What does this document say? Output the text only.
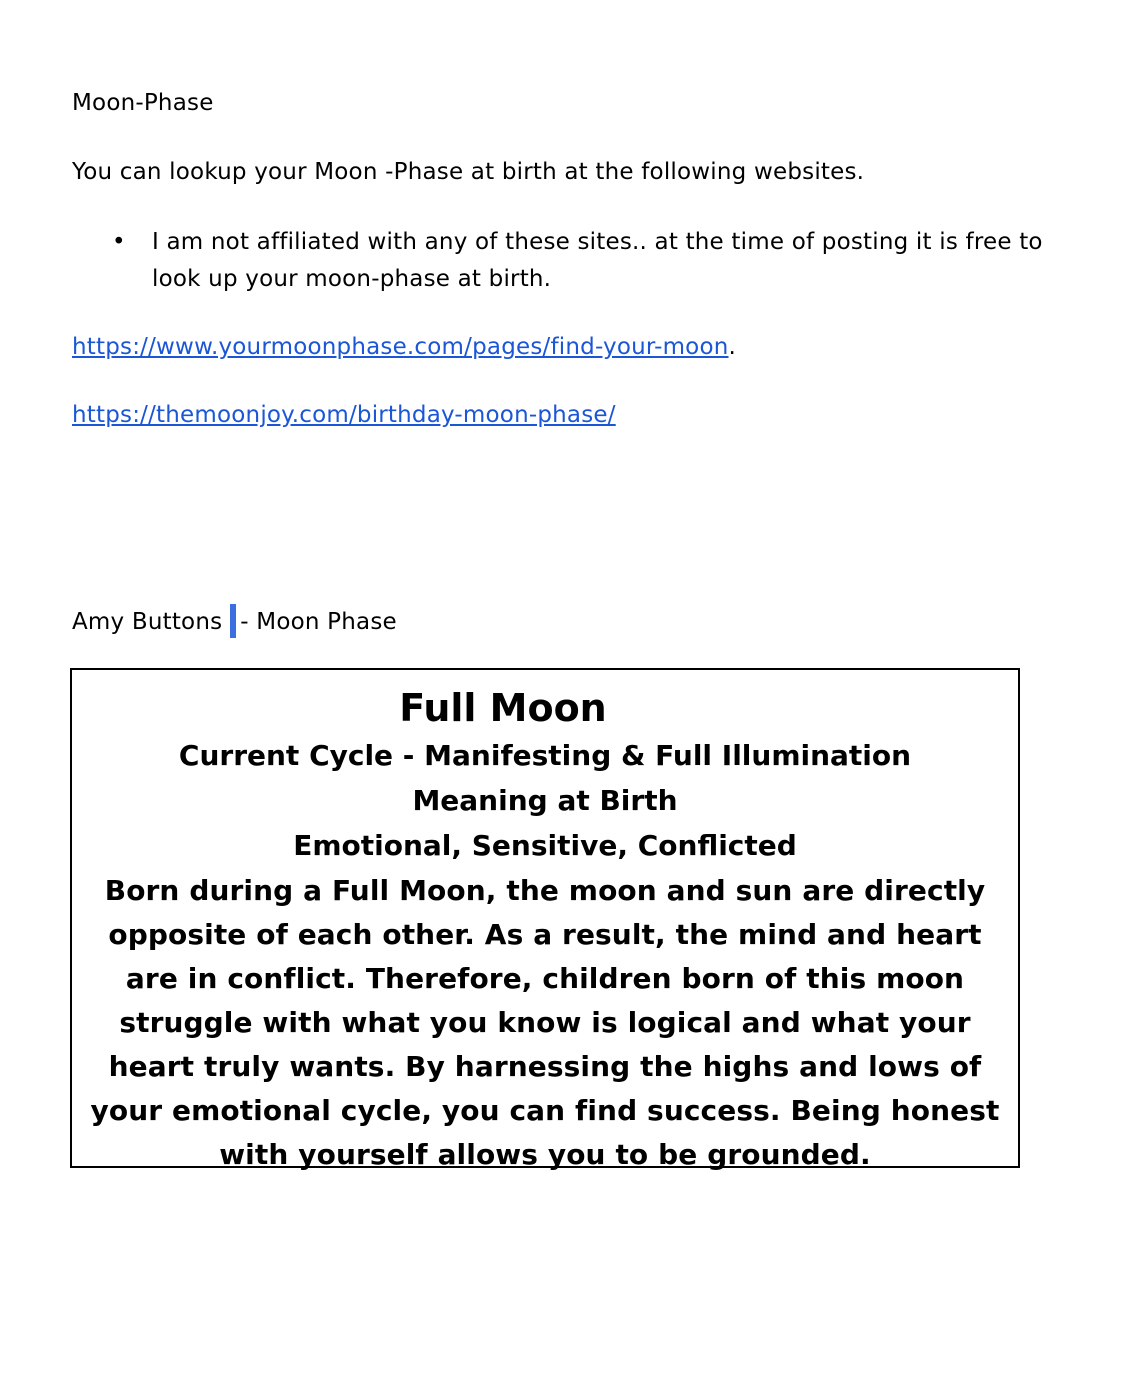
Moon-Phase

You can lookup your Moon -Phase at birth at the following websites.

• I am not affiliated with any of these sites.. at the time of posting it is free to look up your moon-phase at birth.
https://www.yourmoonphase.com/pages/find-your-moon.
https://themoonjoy.com/birthday-moon-phase/

Amy Buttons - Moon Phase

Full Moon

Current Cycle - Manifesting & Full Illumination

Meaning at Birth

Emotional, Sensitive, Conflicted

Born during a Full Moon, the moon and sun are directly opposite of each other. As a result, the mind and heart are in conflict. Therefore, children born of this moon struggle with what you know is logical and what your heart truly wants. By harnessing the highs and lows of your emotional cycle, you can find success. Being honest with yourself allows you to be grounded.
